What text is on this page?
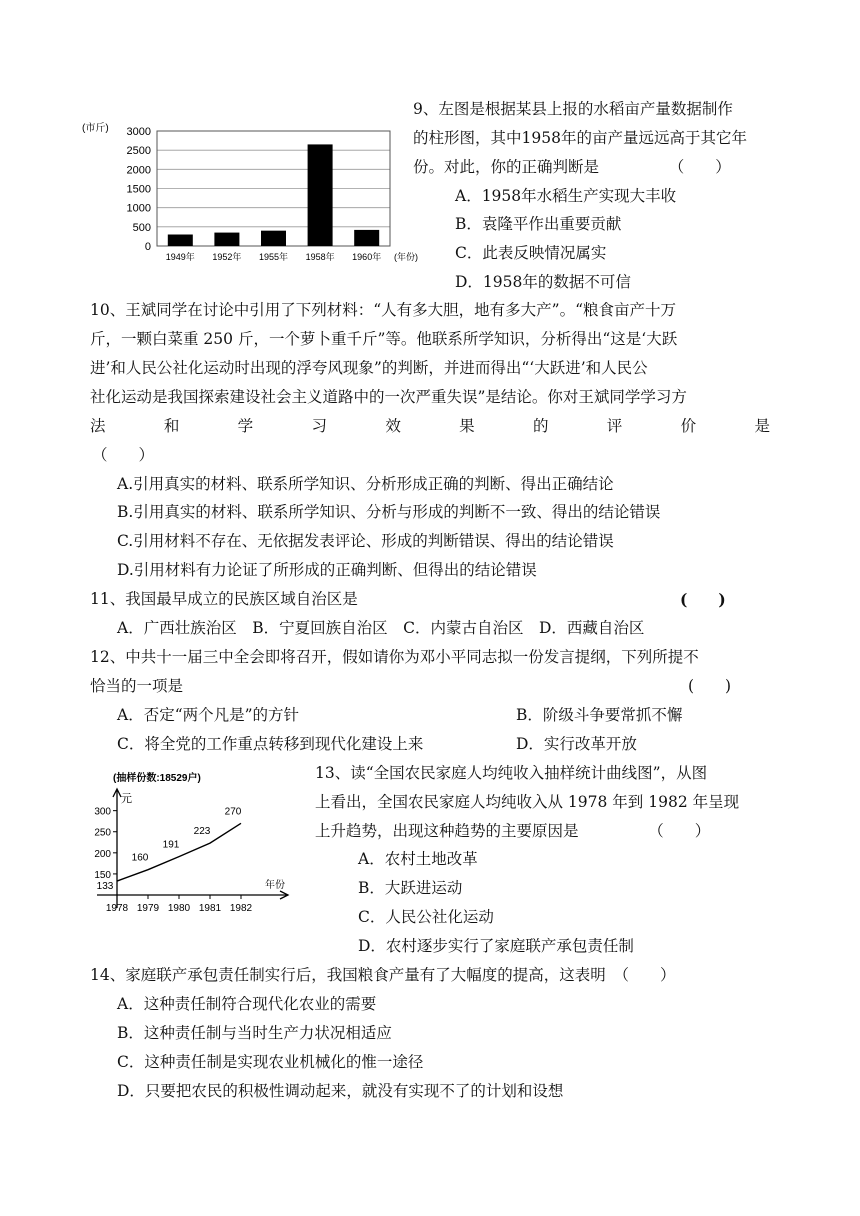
(市斤)
0
500
1000
1500
2000
2500
3000
1949年 1952年 1955年 1958年 1960年 (年份)
9、左图是根据某县上报的水稻亩产量数据制作
的柱形图，其中1958年的亩产量远远高于其它年
份。对此，你的正确判断是　　　　　（　　）
A．1958年水稻生产实现大丰收
B．袁隆平作出重要贡献
C．此表反映情况属实
D．1958年的数据不可信
10、王斌同学在讨论中引用了下列材料：“人有多大胆，地有多大产”。“粮食亩产十万
斤，一颗白菜重 250 斤，一个萝卜重千斤”等。他联系所学知识，分析得出“这是‘大跃
进’和人民公社化运动时出现的浮夸风现象”的判断，并进而得出“‘大跃进’和人民公
社化运动是我国探索建设社会主义道路中的一次严重失误”是结论。你对王斌同学学习方
法	和	学	习	效	果	的	评	价	是
（　　）
A.引用真实的材料、联系所学知识、分析形成正确的判断、得出正确结论
B.引用真实的材料、联系所学知识、分析与形成的判断不一致、得出的结论错误
C.引用材料不存在、无依据发表评论、形成的判断错误、得出的结论错误
D.引用材料有力论证了所形成的正确判断、但得出的结论错误
11、我国最早成立的民族区域自治区是	(　　)
A．广西壮族治区　B．宁夏回族自治区　C．内蒙古自治区　D．西藏自治区
12、中共十一届三中全会即将召开，假如请你为邓小平同志拟一份发言提纲，下列所提不
恰当的一项是	(　　)
A．否定“两个凡是”的方针	B．阶级斗争要常抓不懈
C．将全党的工作重点转移到现代化建设上来	D．实行改革开放
(抽样份数:18529户)
元
年份
150
200
250
300
1978 1979 1980 1981 1982
133
160
191
223
270
13、读“全国农民家庭人均纯收入抽样统计曲线图”，从图
上看出，全国农民家庭人均纯收入从 1978 年到 1982 年呈现
上升趋势，出现这种趋势的主要原因是　　　　　（　　）
A．农村土地改革
B．大跃进运动
C．人民公社化运动
D．农村逐步实行了家庭联产承包责任制
14、家庭联产承包责任制实行后，我国粮食产量有了大幅度的提高，这表明　（　　）
A．这种责任制符合现代化农业的需要
B．这种责任制与当时生产力状况相适应
C．这种责任制是实现农业机械化的惟一途径
D．只要把农民的积极性调动起来，就没有实现不了的计划和设想
